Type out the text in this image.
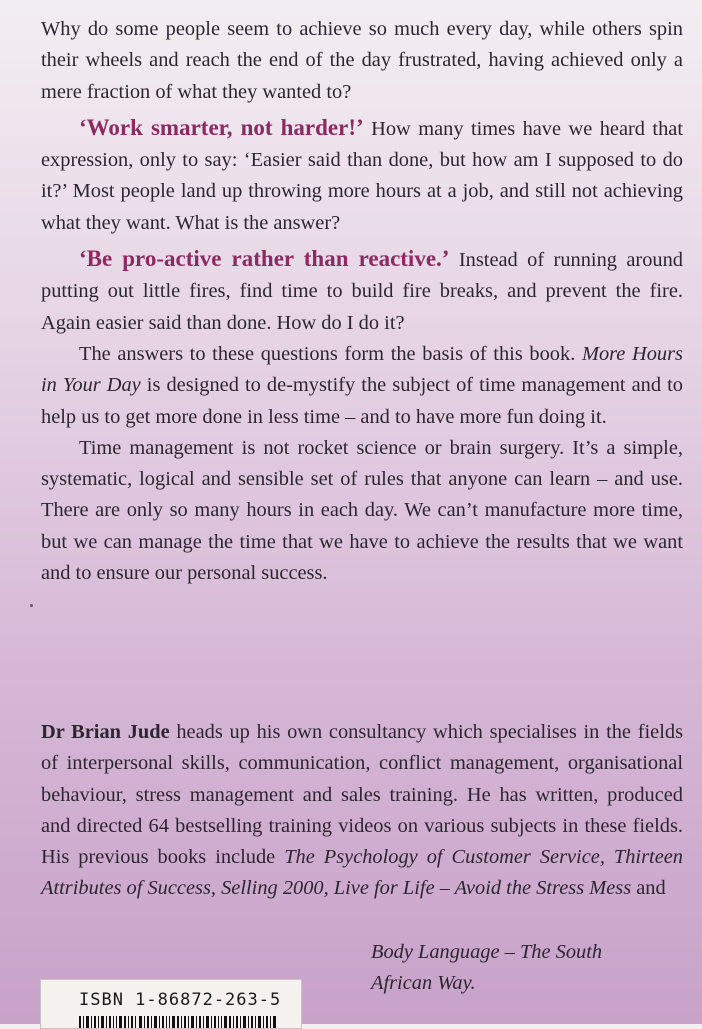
Why do some people seem to achieve so much every day, while others spin their wheels and reach the end of the day frustrated, having achieved only a mere fraction of what they wanted to?

‘Work smarter, not harder!’ How many times have we heard that expression, only to say: ‘Easier said than done, but how am I supposed to do it?’ Most people land up throwing more hours at a job, and still not achieving what they want. What is the answer?

‘Be pro-active rather than reactive.’ Instead of running around putting out little fires, find time to build fire breaks, and prevent the fire. Again easier said than done. How do I do it?

The answers to these questions form the basis of this book. More Hours in Your Day is designed to de-mystify the subject of time management and to help us to get more done in less time – and to have more fun doing it.

Time management is not rocket science or brain surgery. It’s a simple, systematic, logical and sensible set of rules that anyone can learn – and use. There are only so many hours in each day. We can’t manufacture more time, but we can manage the time that we have to achieve the results that we want and to ensure our personal success.

Dr Brian Jude heads up his own consultancy which specialises in the fields of interpersonal skills, communication, conflict management, organisational behaviour, stress management and sales training. He has written, produced and directed 64 bestselling training videos on various subjects in these fields. His previous books include The Psychology of Customer Service, Thirteen Attributes of Success, Selling 2000, Live for Life – Avoid the Stress Mess and

Body Language – The South
African Way.
ISBN 1-86872-263-5
